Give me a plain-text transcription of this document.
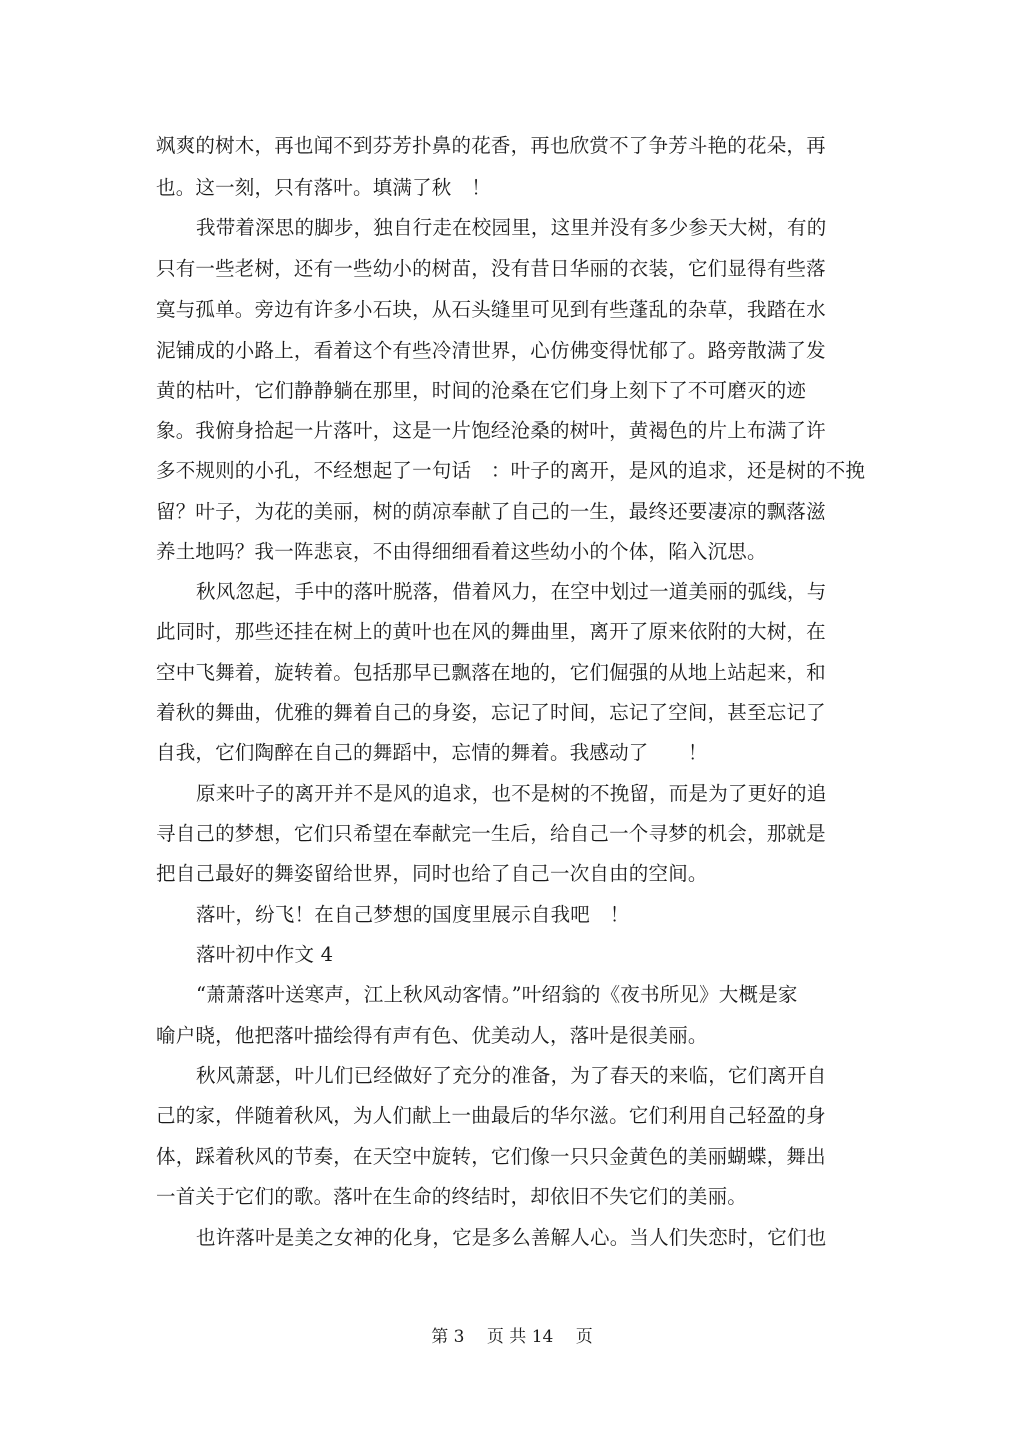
飒爽的树木，再也闻不到芬芳扑鼻的花香，再也欣赏不了争芳斗艳的花朵，再
也。这一刻，只有落叶。填满了秋　！
我带着深思的脚步，独自行走在校园里，这里并没有多少参天大树，有的
只有一些老树，还有一些幼小的树苗，没有昔日华丽的衣装，它们显得有些落
寞与孤单。旁边有许多小石块，从石头缝里可见到有些蓬乱的杂草，我踏在水
泥铺成的小路上，看着这个有些冷清世界，心仿佛变得忧郁了。路旁散满了发
黄的枯叶，它们静静躺在那里，时间的沧桑在它们身上刻下了不可磨灭的迹
象。我俯身拾起一片落叶，这是一片饱经沧桑的树叶，黄褐色的片上布满了许
多不规则的小孔，不经想起了一句话　：叶子的离开，是风的追求，还是树的不挽
留？叶子，为花的美丽，树的荫凉奉献了自己的一生，最终还要凄凉的飘落滋
养土地吗？我一阵悲哀，不由得细细看着这些幼小的个体，陷入沉思。
秋风忽起，手中的落叶脱落，借着风力，在空中划过一道美丽的弧线，与
此同时，那些还挂在树上的黄叶也在风的舞曲里，离开了原来依附的大树，在
空中飞舞着，旋转着。包括那早已飘落在地的，它们倔强的从地上站起来，和
着秋的舞曲，优雅的舞着自己的身姿，忘记了时间，忘记了空间，甚至忘记了
自我，它们陶醉在自己的舞蹈中，忘情的舞着。我感动了　　！
原来叶子的离开并不是风的追求，也不是树的不挽留，而是为了更好的追
寻自己的梦想，它们只希望在奉献完一生后，给自己一个寻梦的机会，那就是
把自己最好的舞姿留给世界，同时也给了自己一次自由的空间。
落叶，纷飞！在自己梦想的国度里展示自我吧　！
落叶初中作文 4
“萧萧落叶送寒声，江上秋风动客情。”叶绍翁的《夜书所见》大概是家
喻户晓，他把落叶描绘得有声有色、优美动人，落叶是很美丽。
秋风萧瑟，叶儿们已经做好了充分的准备，为了春天的来临，它们离开自
己的家，伴随着秋风，为人们献上一曲最后的华尔滋。它们利用自己轻盈的身
体，踩着秋风的节奏，在天空中旋转，它们像一只只金黄色的美丽蝴蝶，舞出
一首关于它们的歌。落叶在生命的终结时，却依旧不失它们的美丽。
也许落叶是美之女神的化身，它是多么善解人心。当人们失恋时，它们也
第 3　 页 共 14　 页
